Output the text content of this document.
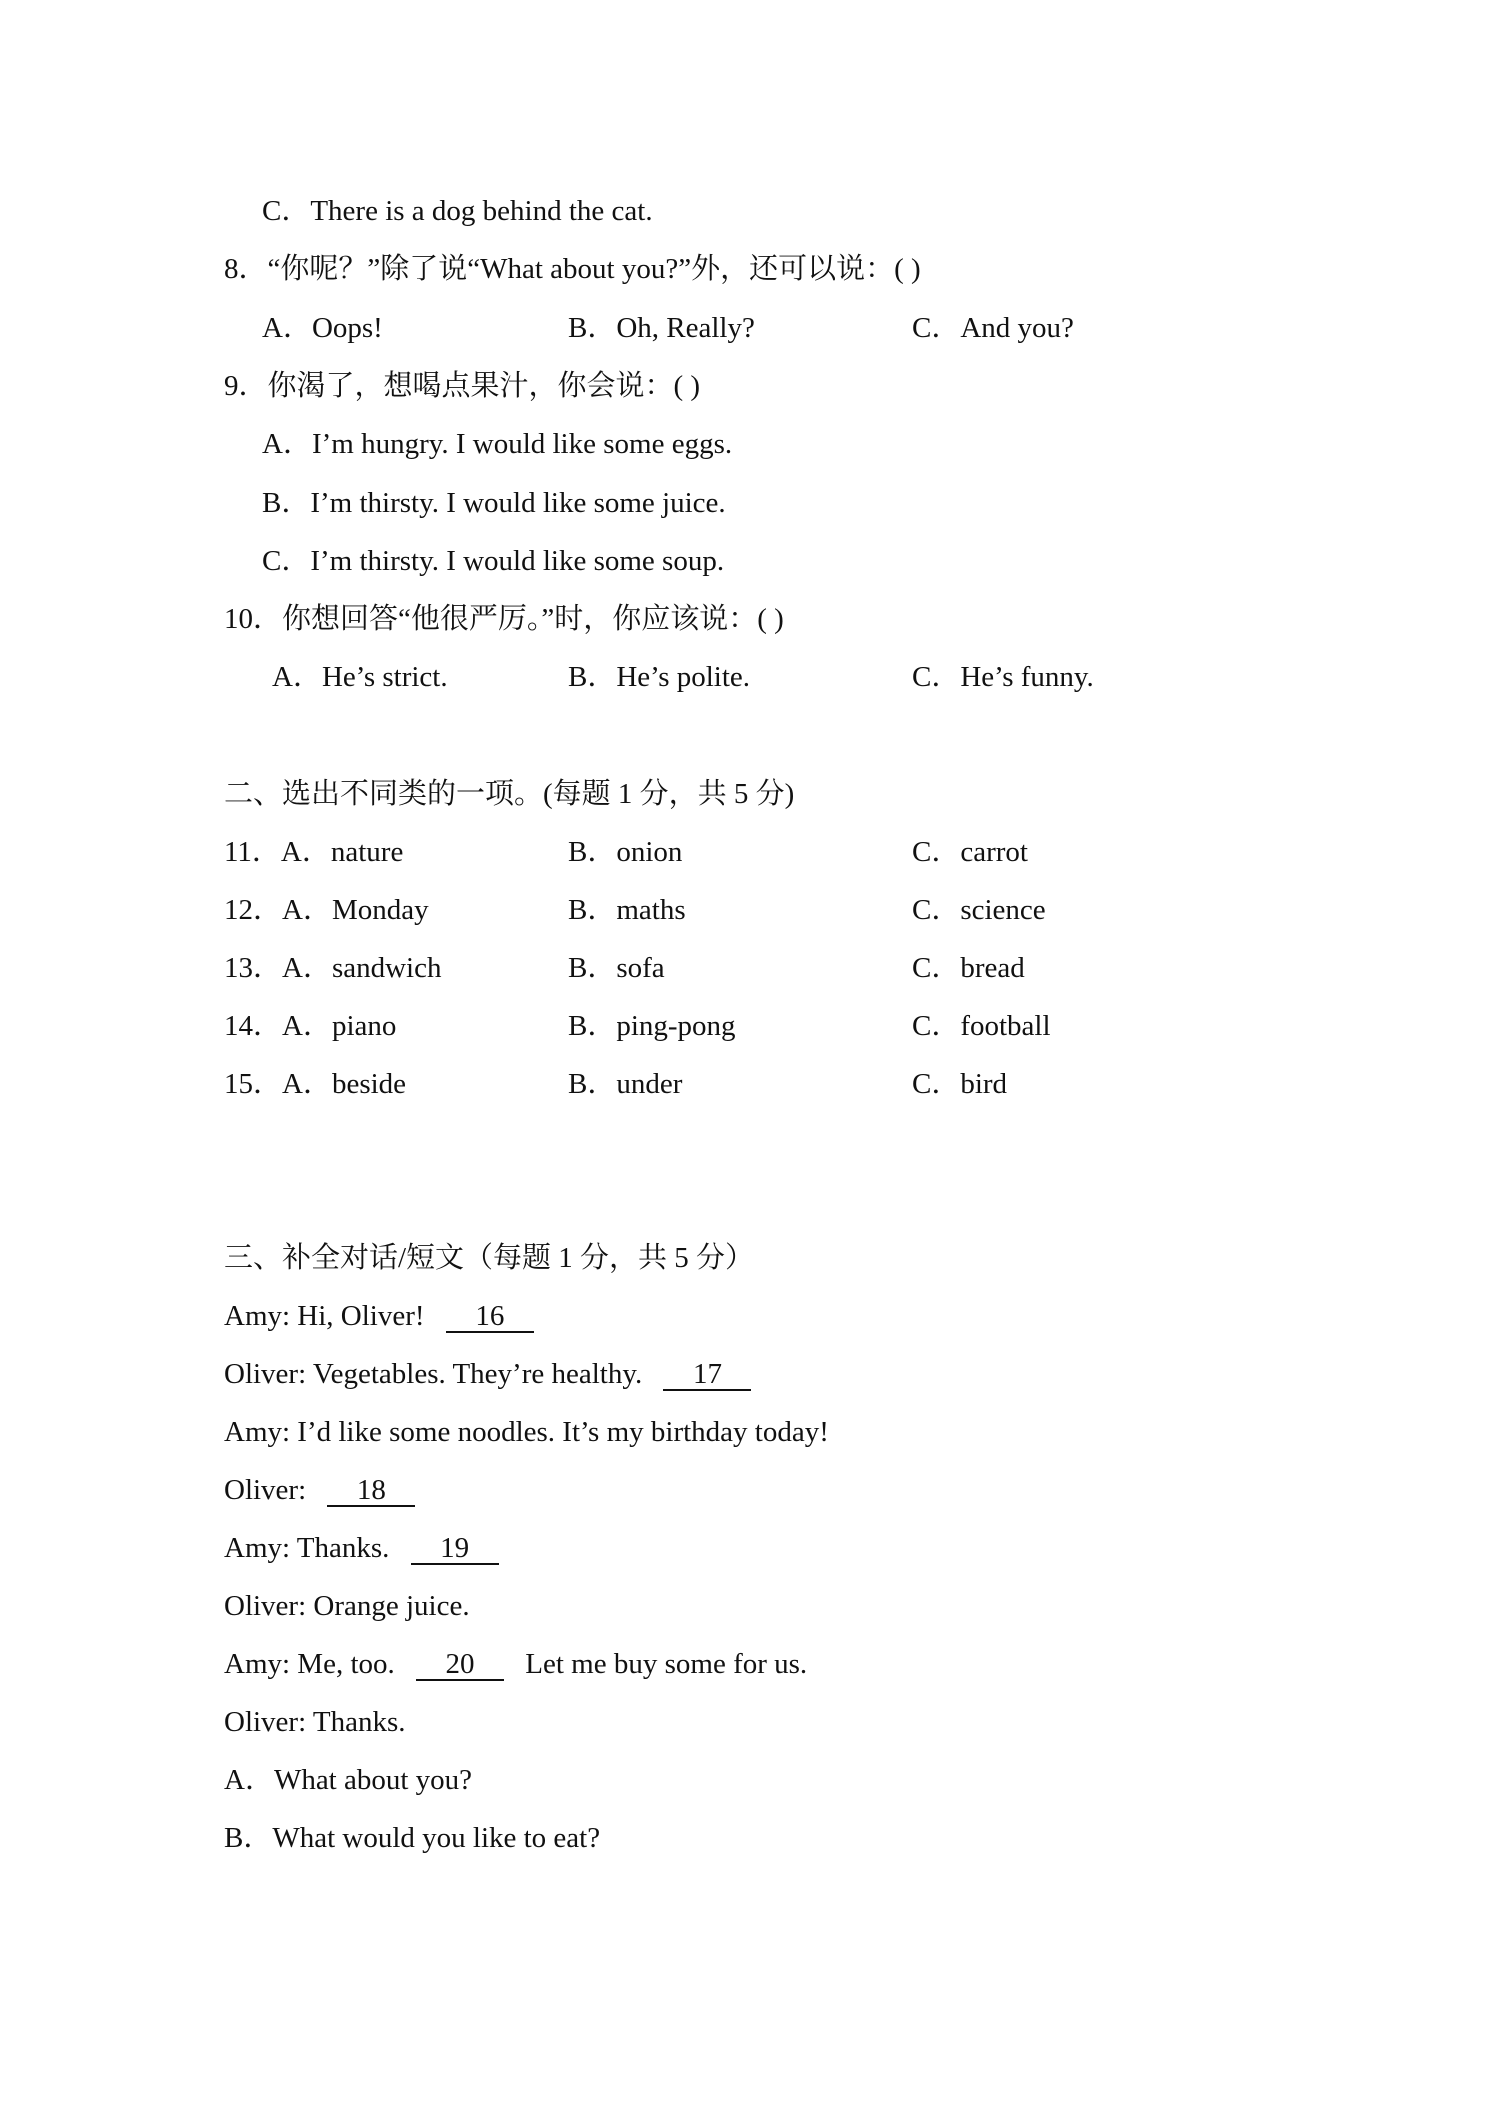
C．There is a dog behind the cat.
8．“你呢？”除了说“What about you?”外，还可以说：( )
A．Oops!	B．Oh, Really?	C．And you?
9．你渴了，想喝点果汁，你会说：( )
A．I’m hungry. I would like some eggs.
B．I’m thirsty. I would like some juice.
C．I’m thirsty. I would like some soup.
10．你想回答“他很严厉。”时，你应该说：( )
A．He’s strict.	B．He’s polite.	C．He’s funny.
二、选出不同类的一项。(每题 1 分，共 5 分)
11．A．nature	B．onion	C．carrot
12．A．Monday	B．maths	C．science
13．A．sandwich	B．sofa	C．bread
14．A．piano	B．ping-pong	C．football
15．A．beside	B．under	C．bird
三、补全对话/短文（每题 1 分，共 5 分）
Amy: Hi, Oliver! 16
Oliver: Vegetables. They’re healthy. 17
Amy: I’d like some noodles. It’s my birthday today!
Oliver: 18
Amy: Thanks. 19
Oliver: Orange juice.
Amy: Me, too. 20 Let me buy some for us.
Oliver: Thanks.
A．What about you?
B．What would you like to eat?
